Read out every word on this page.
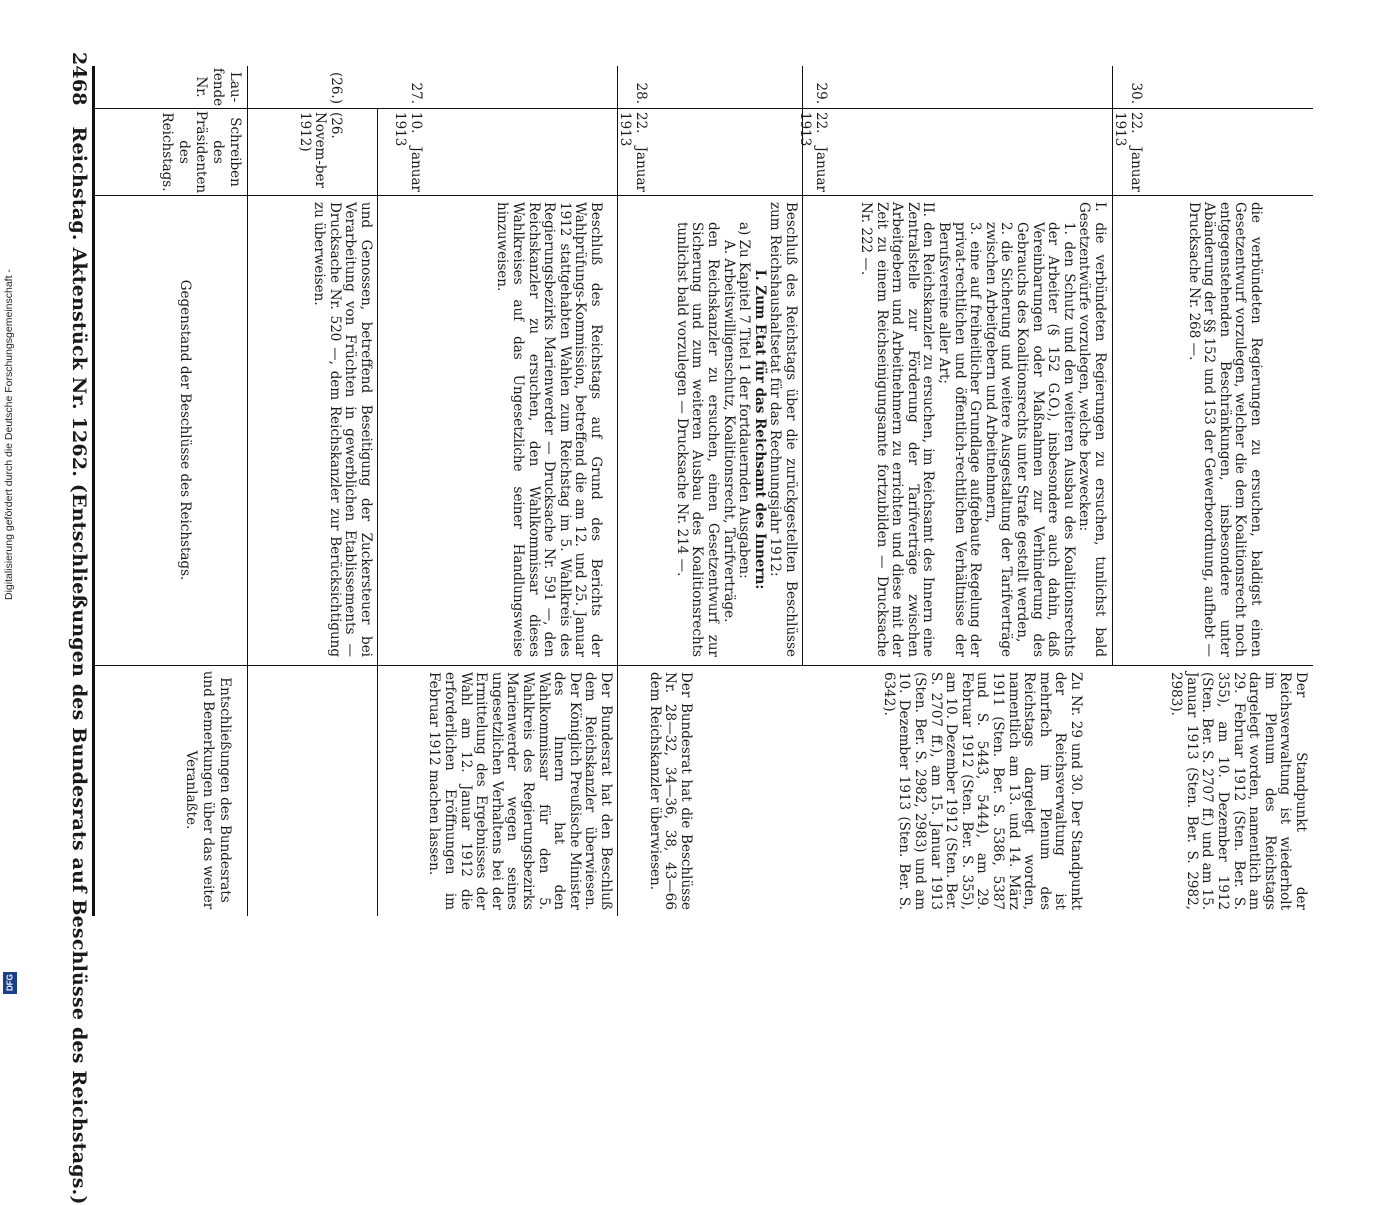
2468 Reichstag. Aktenstück Nr. 1262. (Entschließungen des Bundesrats auf Beschlüsse des Reichstags.)
Lau-fende Nr.
Schreiben des Präsidenten des Reichstags.
Gegenstand der Beschlüsse des Reichstags.
Entschließungen des Bundesrats und Bemerkungen über das weiter Veranlaßte.
(26.)
(26. Novem-ber 1912)
und Genossen, betreffend Beseitigung der Zuckersteuer bei Verarbeitung von Früchten in gewerblichen Etablissements — Drucksache Nr. 520 —, dem Reichskanzler zur Berücksichtigung zu überweisen.
27.
10. Januar 1913
Beschluß des Reichstags auf Grund des Berichts der Wahlprüfungs-Kommission, betreffend die am 12. und 25. Januar 1912 stattgehabten Wahlen zum Reichstag im 5. Wahlkreis des Regierungsbezirks Marienwerder — Drucksache Nr. 591 —, den Reichskanzler zu ersuchen, den Wahlkommissar dieses Wahlkreises auf das Ungesetzliche seiner Handlungsweise hinzuweisen.
Der Bundesrat hat den Beschluß dem Reichskanzler überwiesen. Der Königlich Preußische Minister des Innern hat den Wahlkommissar für den 5. Wahlkreis des Regierungsbezirks Marienwerder wegen seines ungesetzlichen Verhaltens bei der Ermittelung des Ergebnisses der Wahl am 12. Januar 1912 die erforderlichen Eröffnungen im Februar 1912 machen lassen.
28.
22. Januar 1913
Beschluß des Reichstags über die zurückgestellten Beschlüsse zum Reichshaushaltsetat für das Rechnungsjahr 1912:
I. Zum Etat für das Reichsamt des Innern:
a) Zu Kapitel 7 Titel 1 der fortdauernden Ausgaben:
A. Arbeitswilligenschutz, Koalitionsrecht, Tarifverträge.
den Reichskanzler zu ersuchen, einen Gesetzentwurf zur Sicherung und zum weiteren Ausbau des Koalitionsrechts tunlichst bald vorzulegen — Drucksache Nr. 214 —.
Der Bundesrat hat die Beschlüsse Nr. 28—32, 34—36, 38, 43—66 dem Reichskanzler überwiesen.
29.
22. Januar 1913
I. die verbündeten Regierungen zu ersuchen, tunlichst bald Gesetzentwürfe vorzulegen, welche bezwecken:
1. den Schutz und den weiteren Ausbau des Koalitionsrechts der Arbeiter (§ 152 G.O.), insbesondere auch dahin, daß Vereinbarungen oder Maßnahmen zur Verhinderung des Gebrauchs des Koalitionsrechts unter Strafe gestellt werden,
2. die Sicherung und weitere Ausgestaltung der Tarifverträge zwischen Arbeitgebern und Arbeitnehmern,
3. eine auf freiheitlicher Grundlage aufgebaute Regelung der privat-rechtlichen und öffentlich-rechtlichen Verhältnisse der Berufsvereine aller Art;
II. den Reichskanzler zu ersuchen, im Reichsamt des Innern eine Zentralstelle zur Förderung der Tarifverträge zwischen Arbeitgebern und Arbeitnehmern zu errichten und diese mit der Zeit zu einem Reichseinigungsamte fortzubilden — Drucksache Nr. 222 —.
Zu Nr. 29 und 30. Der Standpunkt der Reichsverwaltung ist mehrfach im Plenum des Reichstags dargelegt worden, namentlich am 13. und 14. März 1911 (Sten. Ber. S. 5386, 5387 und S. 5443, 5444), am 29. Februar 1912 (Sten. Ber. S. 355), am 10. Dezember 1912 (Sten. Ber. S. 2707 ff.), am 15. Januar 1913 (Sten. Ber. S. 2982, 2983) und am 10. Dezember 1913 (Sten. Ber. S. 6342).
30.
22. Januar 1913
die verbündeten Regierungen zu ersuchen, baldigst einen Gesetzentwurf vorzulegen, welcher die dem Koalitionsrecht noch entgegenstehenden Beschränkungen, insbesondere unter Abänderung der §§ 152 und 153 der Gewerbeordnung, aufhebt — Drucksache Nr. 268 —.
Der Standpunkt der Reichsverwaltung ist wiederholt im Plenum des Reichstags dargelegt worden, namentlich am 29. Februar 1912 (Sten. Ber. S. 355), am 10. Dezember 1912 (Sten. Ber. S. 2707 ff.) und am 15. Januar 1913 (Sten. Ber. S. 2982, 2983).
Digitalisierung gefördert durch die Deutsche Forschungsgemeinschaft -
DFG
